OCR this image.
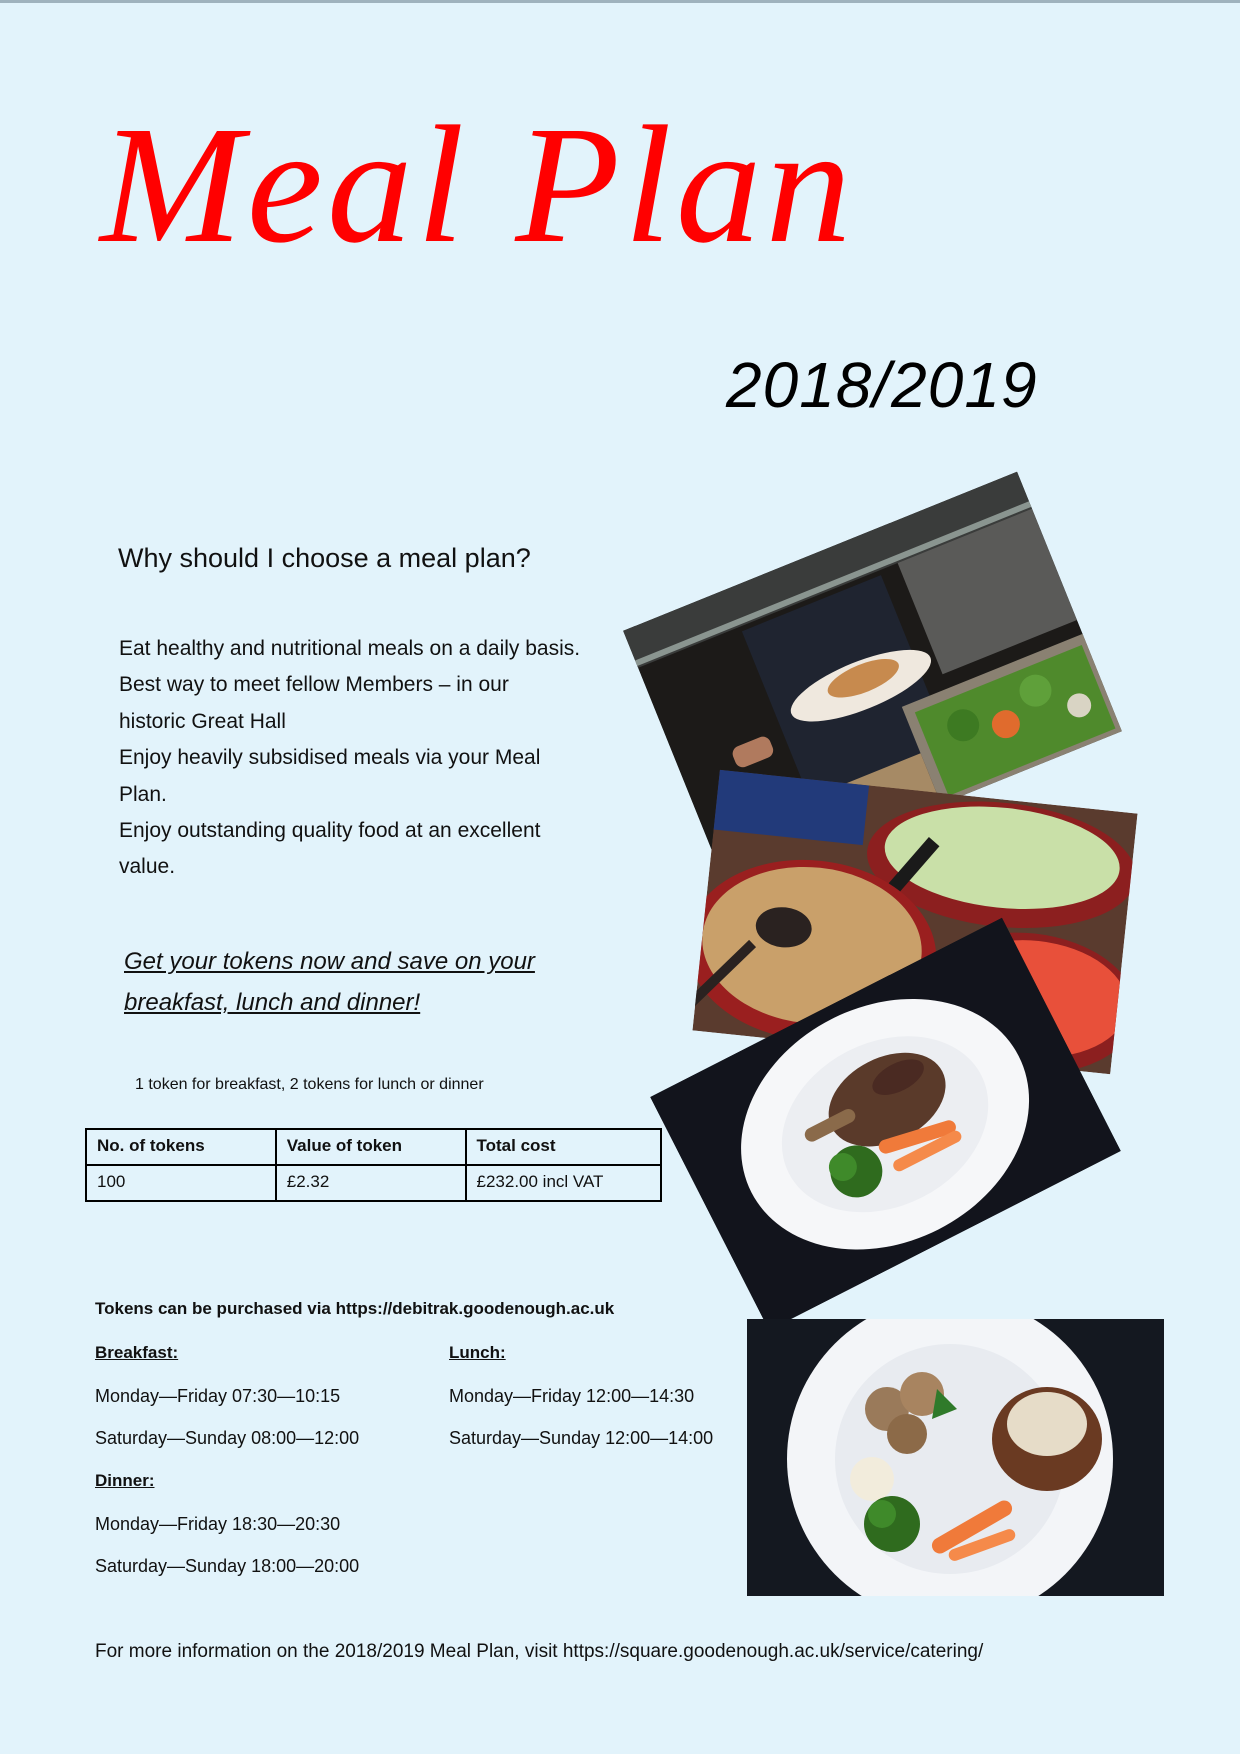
Meal Plan
2018/2019
Why should I choose a meal plan?
Eat healthy and nutritional meals on a daily basis.
Best way to meet fellow Members – in our historic Great Hall
Enjoy heavily subsidised meals via your Meal Plan.
Enjoy outstanding quality food at an excellent value.
Get your tokens now and save on your breakfast, lunch and dinner!
1 token for breakfast, 2 tokens for lunch or dinner
No. of tokens	Value of token	Total cost
100	£2.32	£232.00 incl VAT
Tokens can be purchased via https://debitrak.goodenough.ac.uk
Breakfast:
Monday—Friday 07:30—10:15
Saturday—Sunday 08:00—12:00
Lunch:
Monday—Friday 12:00—14:30
Saturday—Sunday 12:00—14:00
Dinner:
Monday—Friday 18:30—20:30
Saturday—Sunday 18:00—20:00
For more information on the 2018/2019 Meal Plan, visit https://square.goodenough.ac.uk/service/catering/
